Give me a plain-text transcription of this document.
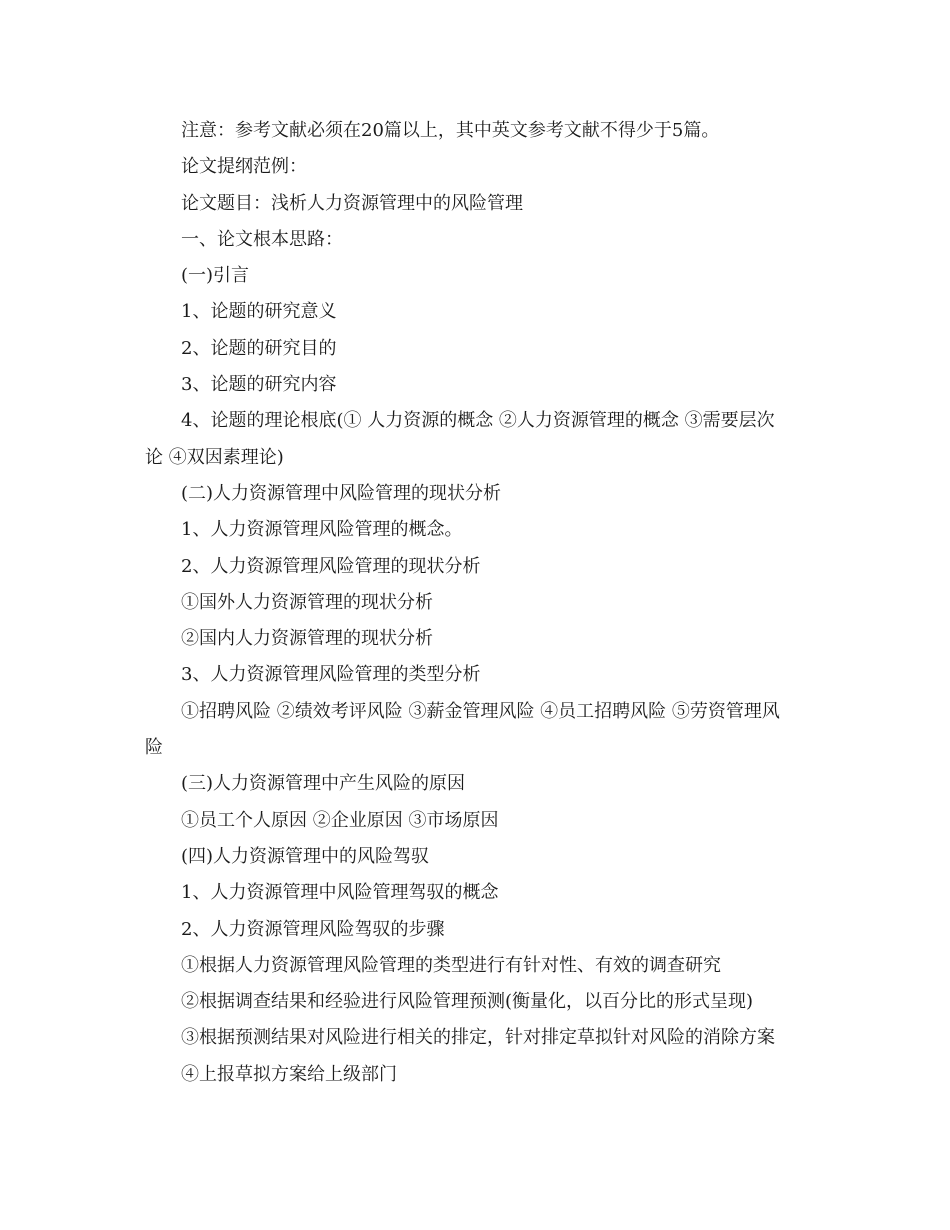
注意：参考文献必须在20篇以上，其中英文参考文献不得少于5篇。

论文提纲范例：

论文题目：浅析人力资源管理中的风险管理

一、论文根本思路：

(一)引言

1、论题的研究意义

2、论题的研究目的

3、论题的研究内容

4、论题的理论根底(① 人力资源的概念 ②人力资源管理的概念 ③需要层次

论 ④双因素理论)

(二)人力资源管理中风险管理的现状分析

1、人力资源管理风险管理的概念。

2、人力资源管理风险管理的现状分析

①国外人力资源管理的现状分析

②国内人力资源管理的现状分析

3、人力资源管理风险管理的类型分析

①招聘风险 ②绩效考评风险 ③薪金管理风险 ④员工招聘风险 ⑤劳资管理风

险

(三)人力资源管理中产生风险的原因

①员工个人原因 ②企业原因 ③市场原因

(四)人力资源管理中的风险驾驭

1、人力资源管理中风险管理驾驭的概念

2、人力资源管理风险驾驭的步骤

①根据人力资源管理风险管理的类型进行有针对性、有效的调查研究

②根据调查结果和经验进行风险管理预测(衡量化，以百分比的形式呈现)

③根据预测结果对风险进行相关的排定，针对排定草拟针对风险的消除方案

④上报草拟方案给上级部门
